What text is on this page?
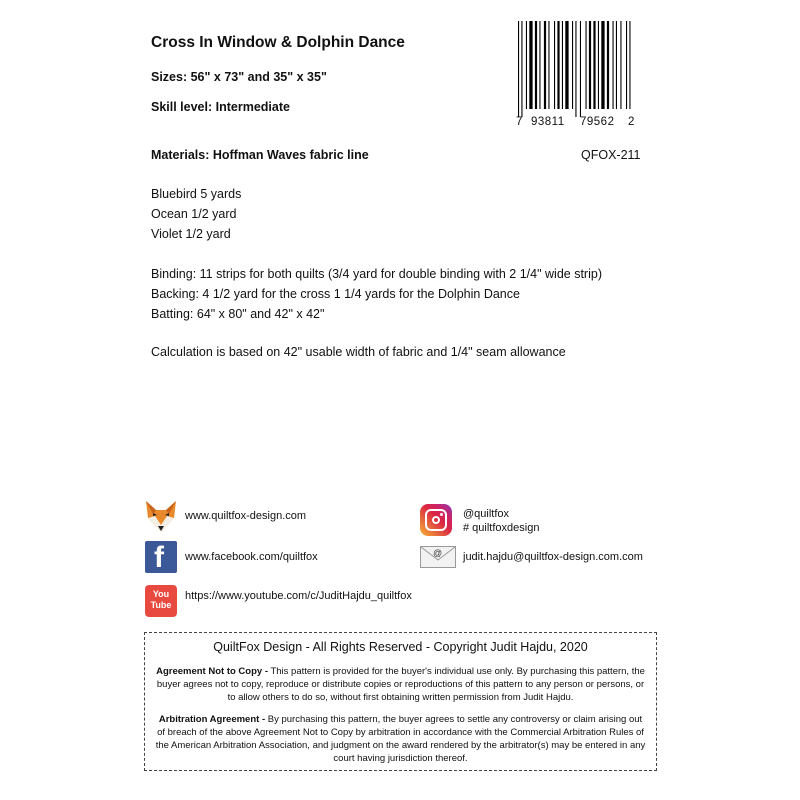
Cross In Window & Dolphin Dance
Sizes: 56" x 73" and 35" x 35"
Skill level: Intermediate
7 93811 79562 2
Materials: Hoffman Waves fabric line	QFOX-211
Bluebird 5 yards
Ocean 1/2 yard
Violet 1/2 yard
Binding: 11 strips for both quilts (3/4 yard for double binding with 2 1/4" wide strip)
Backing: 4 1/2 yard for the cross 1 1/4 yards for the Dolphin Dance
Batting: 64" x 80" and 42" x 42"
Calculation is based on 42" usable width of fabric and 1/4" seam allowance
www.quiltfox-design.com
f www.facebook.com/quiltfox
You
Tube
https://www.youtube.com/c/JuditHajdu_quiltfox
@quiltfox
# quiltfoxdesign
@ judit.hajdu@quiltfox-design.com.com
QuiltFox Design - All Rights Reserved - Copyright Judit Hajdu, 2020
Agreement Not to Copy - This pattern is provided for the buyer's individual use only. By purchasing this pattern, the buyer agrees not to copy, reproduce or distribute copies or reproductions of this pattern to any person or persons, or to allow others to do so, without first obtaining written permission from Judit Hajdu.
Arbitration Agreement - By purchasing this pattern, the buyer agrees to settle any controversy or claim arising out of breach of the above Agreement Not to Copy by arbitration in accordance with the Commercial Arbitration Rules of the American Arbitration Association, and judgment on the award rendered by the arbitrator(s) may be entered in any court having jurisdiction thereof.
